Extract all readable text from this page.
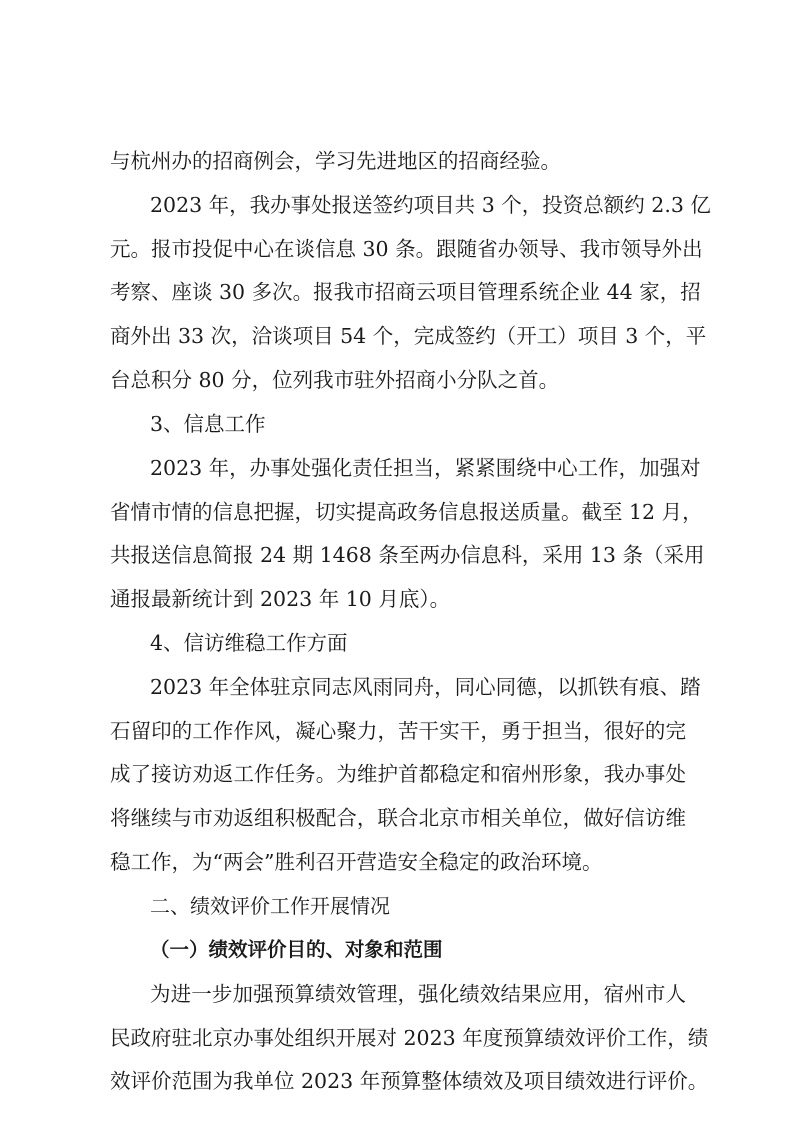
与杭州办的招商例会，学习先进地区的招商经验。
2023 年，我办事处报送签约项目共 3 个，投资总额约 2.3 亿
元。报市投促中心在谈信息 30 条。跟随省办领导、我市领导外出
考察、座谈 30 多次。报我市招商云项目管理系统企业 44 家，招
商外出 33 次，洽谈项目 54 个，完成签约（开工）项目 3 个，平
台总积分 80 分，位列我市驻外招商小分队之首。
3、信息工作
2023 年，办事处强化责任担当，紧紧围绕中心工作，加强对
省情市情的信息把握，切实提高政务信息报送质量。截至 12 月，
共报送信息简报 24 期 1468 条至两办信息科，采用 13 条（采用
通报最新统计到 2023 年 10 月底）。
4、信访维稳工作方面
2023 年全体驻京同志风雨同舟，同心同德，以抓铁有痕、踏
石留印的工作作风，凝心聚力，苦干实干，勇于担当，很好的完
成了接访劝返工作任务。为维护首都稳定和宿州形象，我办事处
将继续与市劝返组积极配合，联合北京市相关单位，做好信访维
稳工作，为“两会”胜利召开营造安全稳定的政治环境。
二、绩效评价工作开展情况
（一）绩效评价目的、对象和范围
为进一步加强预算绩效管理，强化绩效结果应用，宿州市人
民政府驻北京办事处组织开展对 2023 年度预算绩效评价工作，绩
效评价范围为我单位 2023 年预算整体绩效及项目绩效进行评价。
